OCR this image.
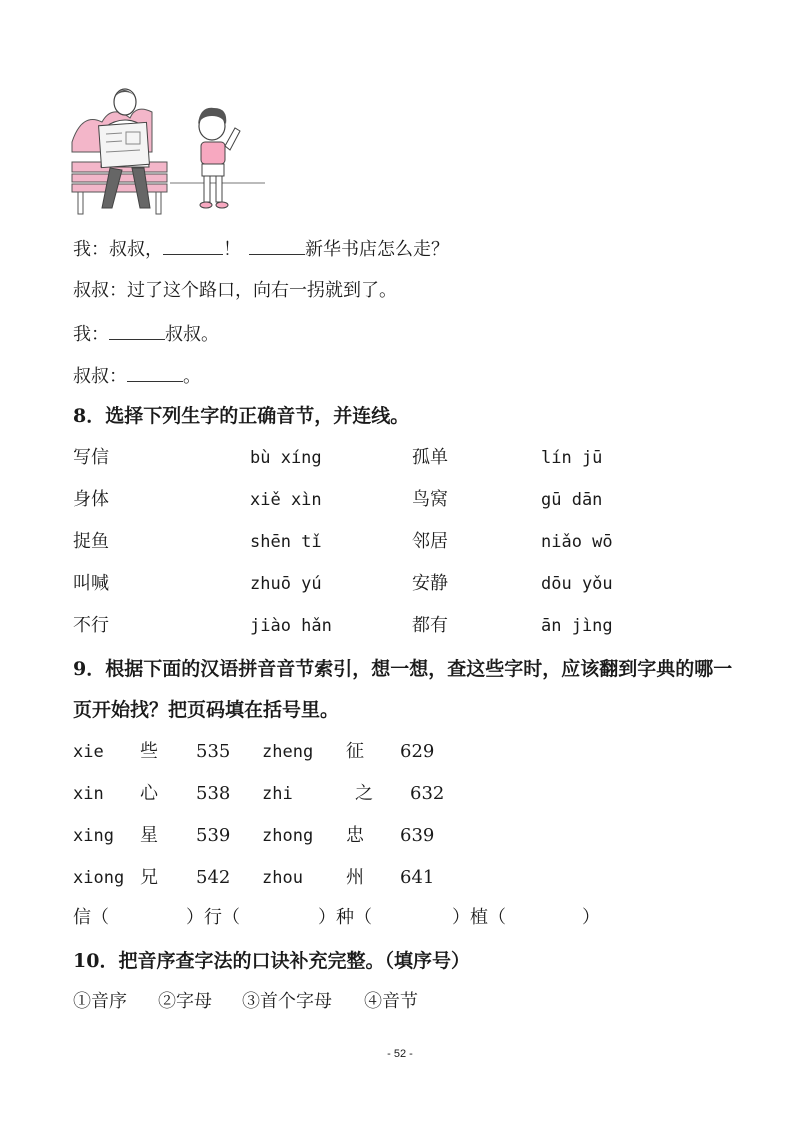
我：叔叔，	！	新华书店怎么走？
叔叔：过了这个路口，向右一拐就到了。
我：	叔叔。
叔叔：	。
8．选择下列生字的正确音节，并连线。
写信	bù xíng	孤单	lín jū
身体	xiě xìn	鸟窝	gū dān
捉鱼	shēn tǐ	邻居	niǎo wō
叫喊	zhuō yú	安静	dōu yǒu
不行	jiào hǎn	都有	ān jìng
9．根据下面的汉语拼音音节索引，想一想，查这些字时，应该翻到字典的哪一
页开始找？把页码填在括号里。
xie 些 535 zheng 征 629
xin 心 538 zhi	之 632
xing 星 539 zhong 忠 639
xiong 兄 542 zhou 州 641
信（	）行（	）种（	）植（	）
10．把音序查字法的口诀补充完整。（填序号）
①音序 ②字母 ③首个字母 ④音节
- 52 -
